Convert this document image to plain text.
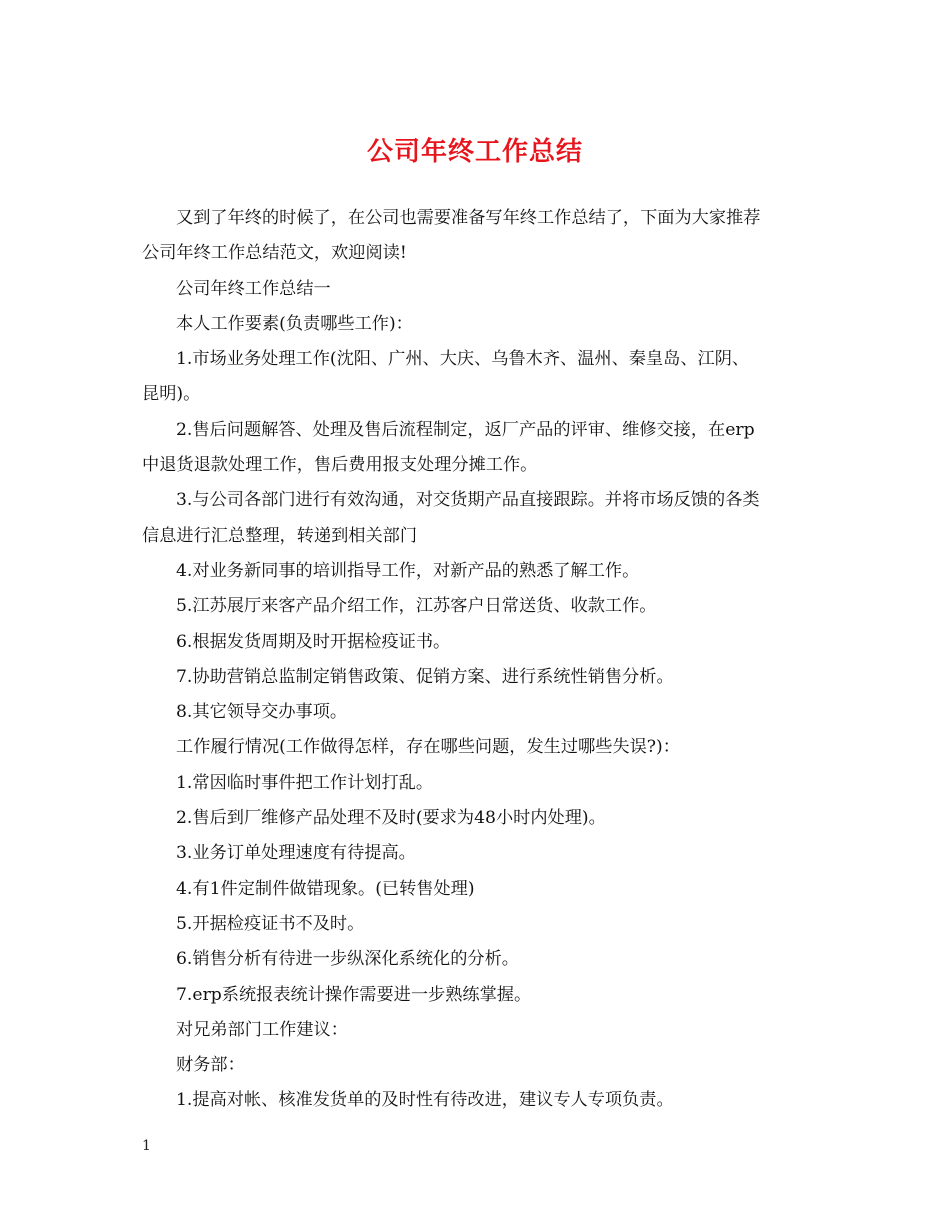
公司年终工作总结

又到了年终的时候了，在公司也需要准备写年终工作总结了，下面为大家推荐

公司年终工作总结范文，欢迎阅读!

公司年终工作总结一

本人工作要素(负责哪些工作)：

1.市场业务处理工作(沈阳、广州、大庆、乌鲁木齐、温州、秦皇岛、江阴、

昆明)。

2.售后问题解答、处理及售后流程制定，返厂产品的评审、维修交接，在erp

中退货退款处理工作，售后费用报支处理分摊工作。

3.与公司各部门进行有效沟通，对交货期产品直接跟踪。并将市场反馈的各类

信息进行汇总整理，转递到相关部门

4.对业务新同事的培训指导工作，对新产品的熟悉了解工作。

5.江苏展厅来客产品介绍工作，江苏客户日常送货、收款工作。

6.根据发货周期及时开据检疫证书。

7.协助营销总监制定销售政策、促销方案、进行系统性销售分析。

8.其它领导交办事项。

工作履行情况(工作做得怎样，存在哪些问题，发生过哪些失误?)：

1.常因临时事件把工作计划打乱。

2.售后到厂维修产品处理不及时(要求为48小时内处理)。

3.业务订单处理速度有待提高。

4.有1件定制件做错现象。(已转售处理)

5.开据检疫证书不及时。

6.销售分析有待进一步纵深化系统化的分析。

7.erp系统报表统计操作需要进一步熟练掌握。

对兄弟部门工作建议：

财务部：

1.提高对帐、核准发货单的及时性有待改进，建议专人专项负责。

1
